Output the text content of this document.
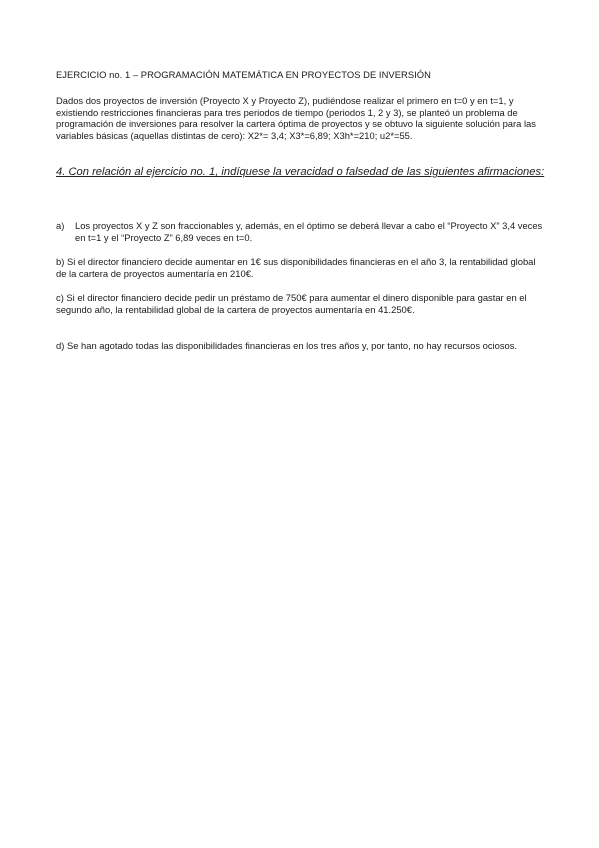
EJERCICIO no. 1 – PROGRAMACIÓN MATEMÁTICA EN PROYECTOS DE INVERSIÓN

Dados dos proyectos de inversión (Proyecto X y Proyecto Z), pudiéndose realizar el primero en t=0 y en t=1, y existiendo restricciones financieras para tres periodos de tiempo (periodos 1, 2 y 3), se planteó un problema de programación de inversiones para resolver la cartera óptima de proyectos y se obtuvo la siguiente solución para las variables básicas (aquellas distintas de cero): X2*= 3,4; X3*=6,89; X3h*=210; u2*=55.

4. Con relación al ejercicio no. 1, indíquese la veracidad o falsedad de las siguientes afirmaciones:

a)	Los proyectos X y Z son fraccionables y, además, en el óptimo se deberá llevar a cabo el “Proyecto X” 3,4 veces en t=1 y el “Proyecto Z” 6,89 veces en t=0.

b) Si el director financiero decide aumentar en 1€ sus disponibilidades financieras en el año 3, la rentabilidad global de la cartera de proyectos aumentaría en 210€.

c) Si el director financiero decide pedir un préstamo de 750€ para aumentar el dinero disponible para gastar en el segundo año, la rentabilidad global de la cartera de proyectos aumentaría en 41.250€.

d) Se han agotado todas las disponibilidades financieras en los tres años y, por tanto, no hay recursos ociosos.
